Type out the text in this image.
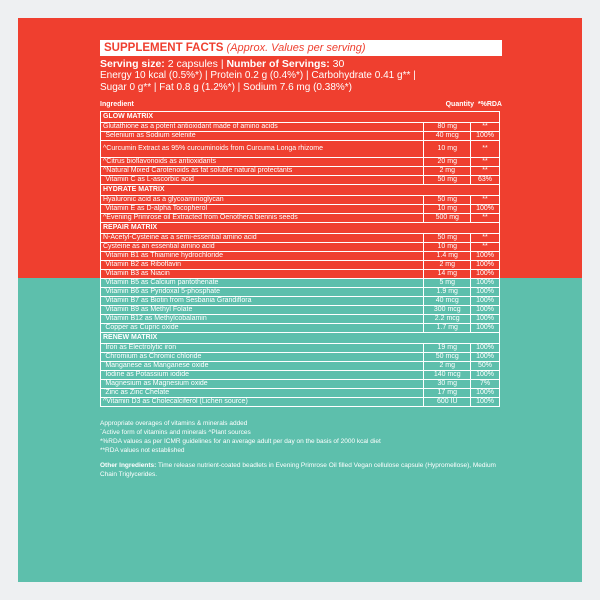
SUPPLEMENT FACTS (Approx. Values per serving)
Serving size: 2 capsules | Number of Servings: 30
Energy 10 kcal (0.5%*) | Protein 0.2 g (0.4%*) | Carbohydrate 0.41 g** |
Sugar 0 g** | Fat 0.8 g (1.2%*) | Sodium 7.6 mg (0.38%*)
Ingredient	Quantity *%RDA
GLOW MATRIX		
Glutathione as a potent antioxidant made of amino acids	80 mg	**
`Selenium as Sodium selenite	40 mcg	100%
^Curcumin Extract as 95% curcuminoids from Curcuma Longa rhizome	10 mg	**
^Citrus bioflavonoids as antioxidants	20 mg	**
^Natural Mixed Carotenoids as fat soluble natural protectants	2 mg	**
`Vitamin C as L-ascorbic acid	50 mg	63%
HYDRATE MATRIX		
Hyaluronic acid as a glycoaminoglycan	50 mg	**
`Vitamin E as D-alpha Tocopherol	10 mg	100%
^Evening Primrose oil Extracted from Oenothera biennis seeds	500 mg	**
REPAIR MATRIX		
N-Acetyl-Cysteine as a semi-essential amino acid	50 mg	**
Cysteine as an essential amino acid	10 mg	**
`Vitamin B1 as Thiamine hydrochloride	1.4 mg	100%
`Vitamin B2 as Riboflavin	2 mg	100%
`Vitamin B3 as Niacin	14 mg	100%
`Vitamin B5 as Calcium pantothenate	5 mg	100%
`Vitamin B6 as Pyridoxal 5-phosphate	1.9 mg	100%
`Vitamin B7 as Biotin from Sesbania Grandiflora	40 mcg	100%
`Vitamin B9 as Methyl Folate	300 mcg	100%
`Vitamin B12 as Methylcobalamin	2.2 mcg	100%
`Copper as Cupric oxide	1.7 mg	100%
RENEW MATRIX		
`Iron as Electrolytic iron	19 mg	100%
`Chromium as Chromic chloride	50 mcg	100%
`Manganese as Manganese oxide	2 mg	50%
`Iodine as Potassium iodide	140 mcg	100%
`Magnesium as Magnesium oxide	30 mg	7%
`Zinc as Zinc Chelate	17 mg	100%
^Vitamin D3 as Cholecalciferol (Lichen source)	600 IU	100%
Appropriate overages of vitamins & minerals added
`Active form of vitamins and minerals ^Plant sources
*%RDA values as per ICMR guidelines for an average adult per day on the basis of 2000 kcal diet
**RDA values not established
Other Ingredients: Time release nutrient-coated beadlets in Evening Primrose Oil filled Vegan cellulose capsule (Hypromellose), Medium Chain Triglycerides.
